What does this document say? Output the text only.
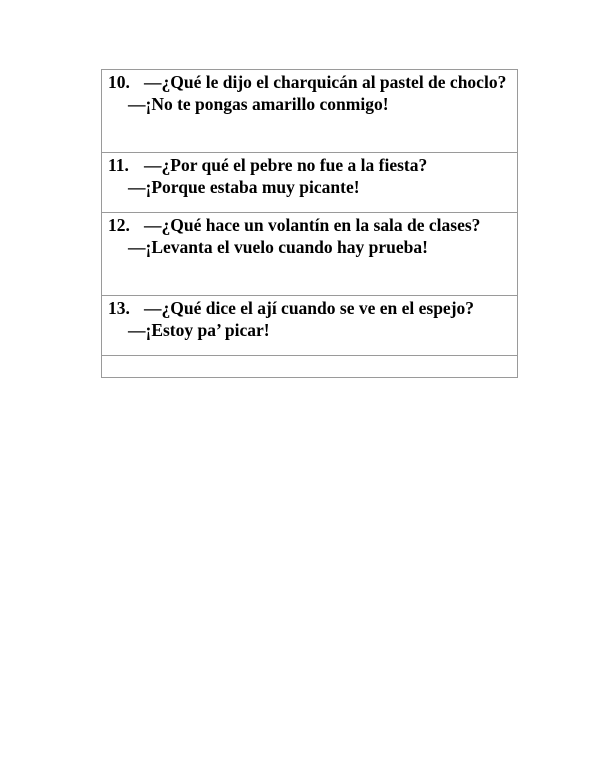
10. —¿Qué le dijo el charquicán al pastel de choclo?
—¡No te pongas amarillo conmigo!

11. —¿Por qué el pebre no fue a la fiesta?
—¡Porque estaba muy picante!

12. —¿Qué hace un volantín en la sala de clases?
—¡Levanta el vuelo cuando hay prueba!

13. —¿Qué dice el ají cuando se ve en el espejo?
—¡Estoy pa’ picar!
